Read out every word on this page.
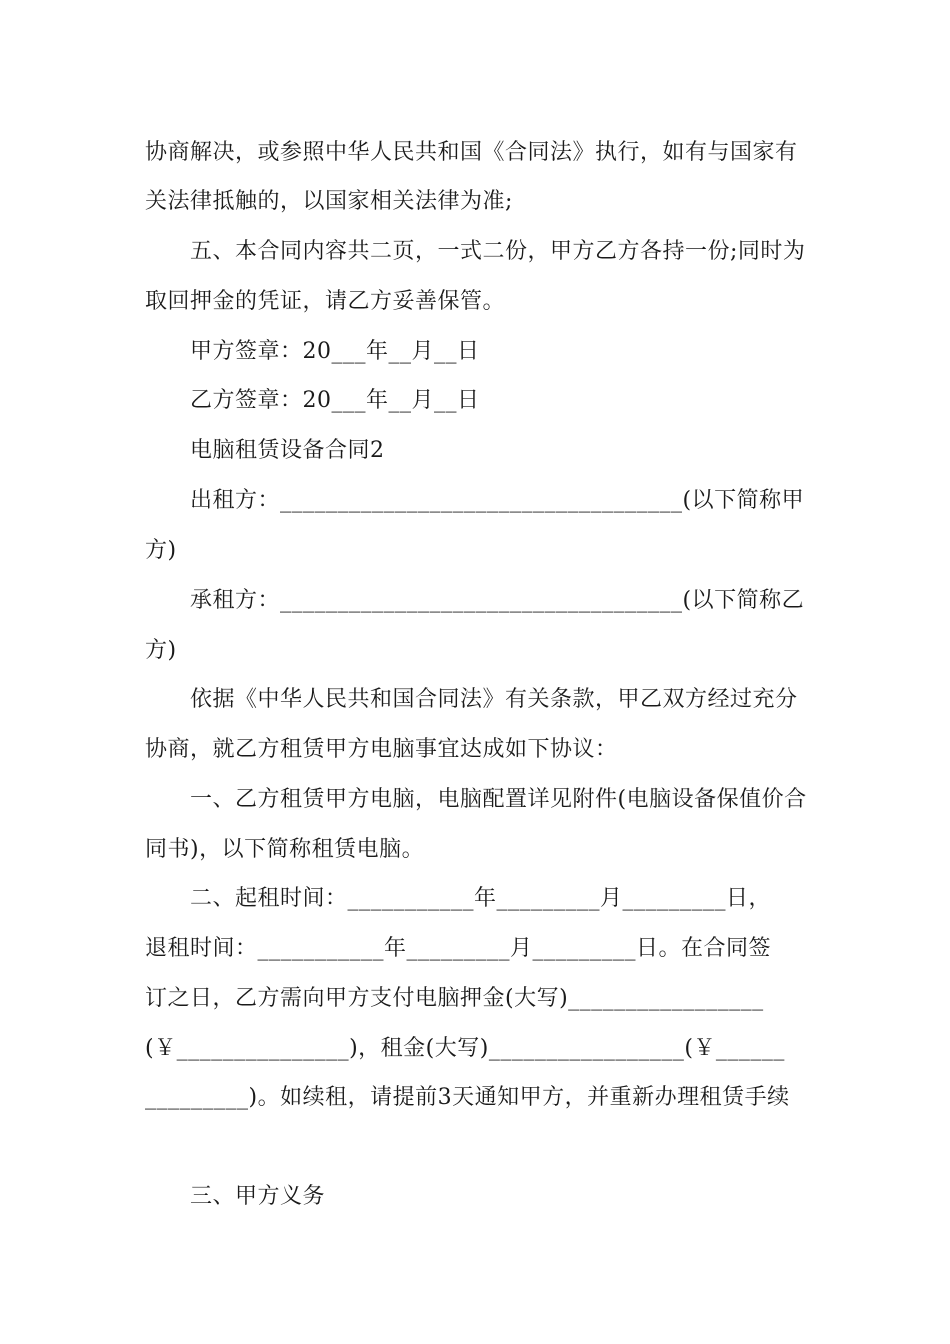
协商解决，或参照中华人民共和国《合同法》执行，如有与国家有
关法律抵触的，以国家相关法律为准;
五、本合同内容共二页，一式二份，甲方乙方各持一份;同时为
取回押金的凭证，请乙方妥善保管。
甲方签章：20___年__月__日
乙方签章：20___年__月__日
电脑租赁设备合同2
出租方：___________________________________(以下简称甲
方)
承租方：___________________________________(以下简称乙
方)
依据《中华人民共和国合同法》有关条款，甲乙双方经过充分
协商，就乙方租赁甲方电脑事宜达成如下协议：
一、乙方租赁甲方电脑，电脑配置详见附件(电脑设备保值价合
同书)，以下简称租赁电脑。
二、起租时间：___________年_________月_________日，
退租时间：___________年_________月_________日。在合同签
订之日，乙方需向甲方支付电脑押金(大写)_________________
(￥_______________)，租金(大写)_________________(￥______
_________)。如续租，请提前3天通知甲方，并重新办理租赁手续
三、甲方义务
